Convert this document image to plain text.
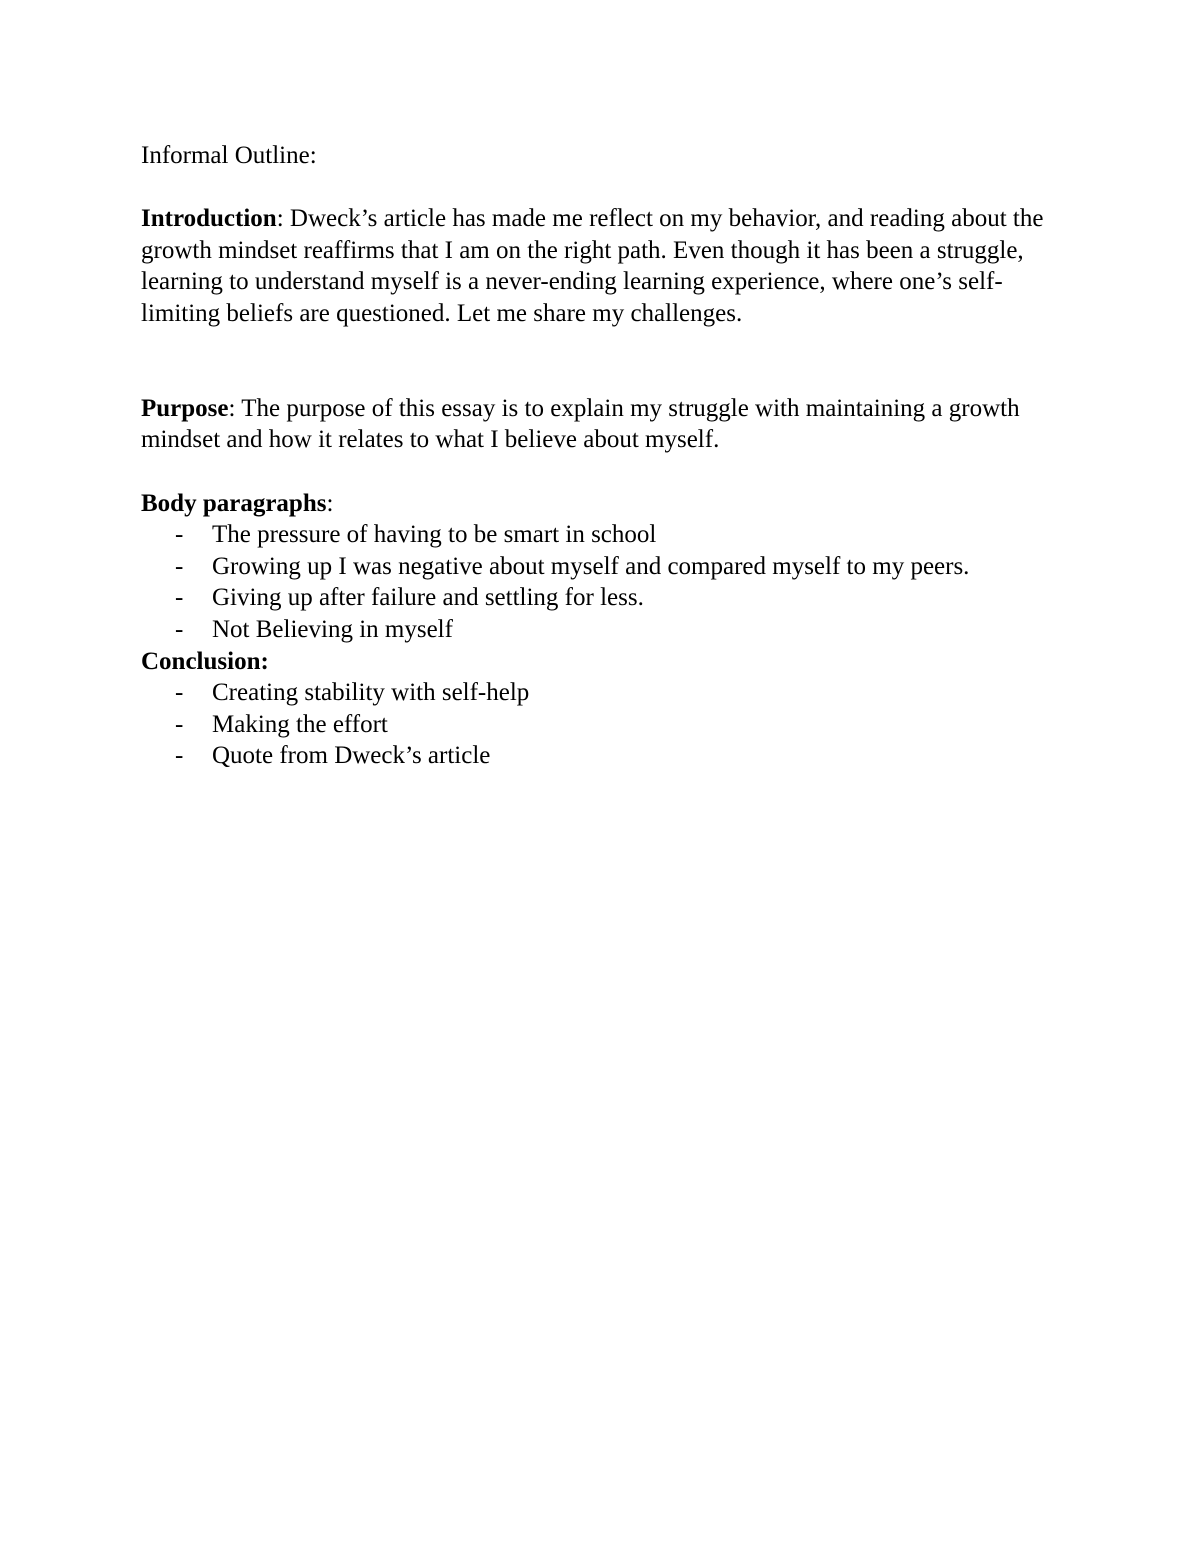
Informal Outline:

Introduction: Dweck’s article has made me reflect on my behavior, and reading about the growth mindset reaffirms that I am on the right path. Even though it has been a struggle, learning to understand myself is a never-ending learning experience, where one’s self-limiting beliefs are questioned. Let me share my challenges.

Purpose: The purpose of this essay is to explain my struggle with maintaining a growth mindset and how it relates to what I believe about myself.

Body paragraphs:

- The pressure of having to be smart in school
- Growing up I was negative about myself and compared myself to my peers.
- Giving up after failure and settling for less.
- Not Believing in myself

Conclusion:

- Creating stability with self-help
- Making the effort
- Quote from Dweck’s article
